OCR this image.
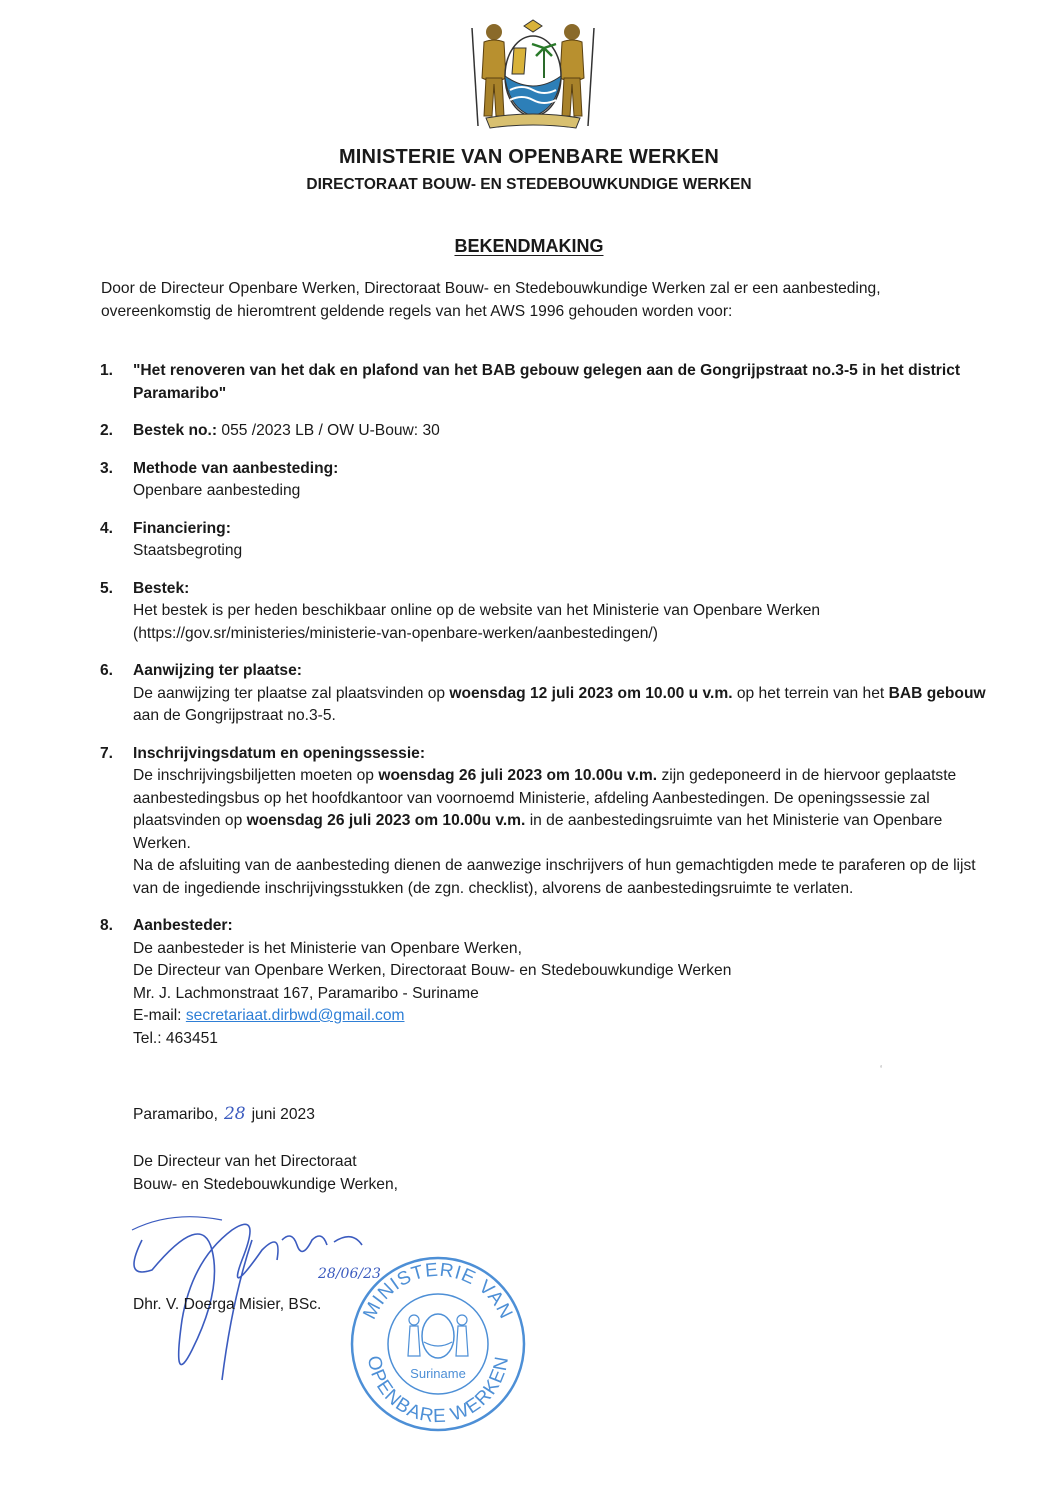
MINISTERIE VAN OPENBARE WERKEN
DIRECTORAAT BOUW- EN STEDEBOUWKUNDIGE WERKEN
BEKENDMAKING
Door de Directeur Openbare Werken, Directoraat Bouw- en Stedebouwkundige Werken zal er een aanbesteding, overeenkomstig de hieromtrent geldende regels van het AWS 1996 gehouden worden voor:
1. "Het renoveren van het dak en plafond van het BAB gebouw gelegen aan de Gongrijpstraat no.3-5 in het district Paramaribo"
2. Bestek no.: 055 /2023 LB / OW U-Bouw: 30
3. Methode van aanbesteding:
Openbare aanbesteding
4. Financiering:
Staatsbegroting
5. Bestek:
Het bestek is per heden beschikbaar online op de website van het Ministerie van Openbare Werken (https://gov.sr/ministeries/ministerie-van-openbare-werken/aanbestedingen/)
6. Aanwijzing ter plaatse:
De aanwijzing ter plaatse zal plaatsvinden op woensdag 12 juli 2023 om 10.00 u v.m. op het terrein van het BAB gebouw aan de Gongrijpstraat no.3-5.
7. Inschrijvingsdatum en openingssessie:
De inschrijvingsbiljetten moeten op woensdag 26 juli 2023 om 10.00u v.m. zijn gedeponeerd in de hiervoor geplaatste aanbestedingsbus op het hoofdkantoor van voornoemd Ministerie, afdeling Aanbestedingen. De openingssessie zal plaatsvinden op woensdag 26 juli 2023 om 10.00u v.m. in de aanbestedingsruimte van het Ministerie van Openbare Werken.
Na de afsluiting van de aanbesteding dienen de aanwezige inschrijvers of hun gemachtigden mede te paraferen op de lijst van de ingediende inschrijvingsstukken (de zgn. checklist), alvorens de aanbestedingsruimte te verlaten.
8. Aanbesteder:
De aanbesteder is het Ministerie van Openbare Werken,
De Directeur van Openbare Werken, Directoraat Bouw- en Stedebouwkundige Werken
Mr. J. Lachmonstraat 167, Paramaribo - Suriname
E-mail: secretariaat.dirbwd@gmail.com
Tel.: 463451
Paramaribo, 28 juni 2023
De Directeur van het Directoraat
Bouw- en Stedebouwkundige Werken,
28/06/23
Dhr. V. Doerga Misier, BSc. MINISTERIE VAN
OPENBARE WERKEN
Suriname
‘
